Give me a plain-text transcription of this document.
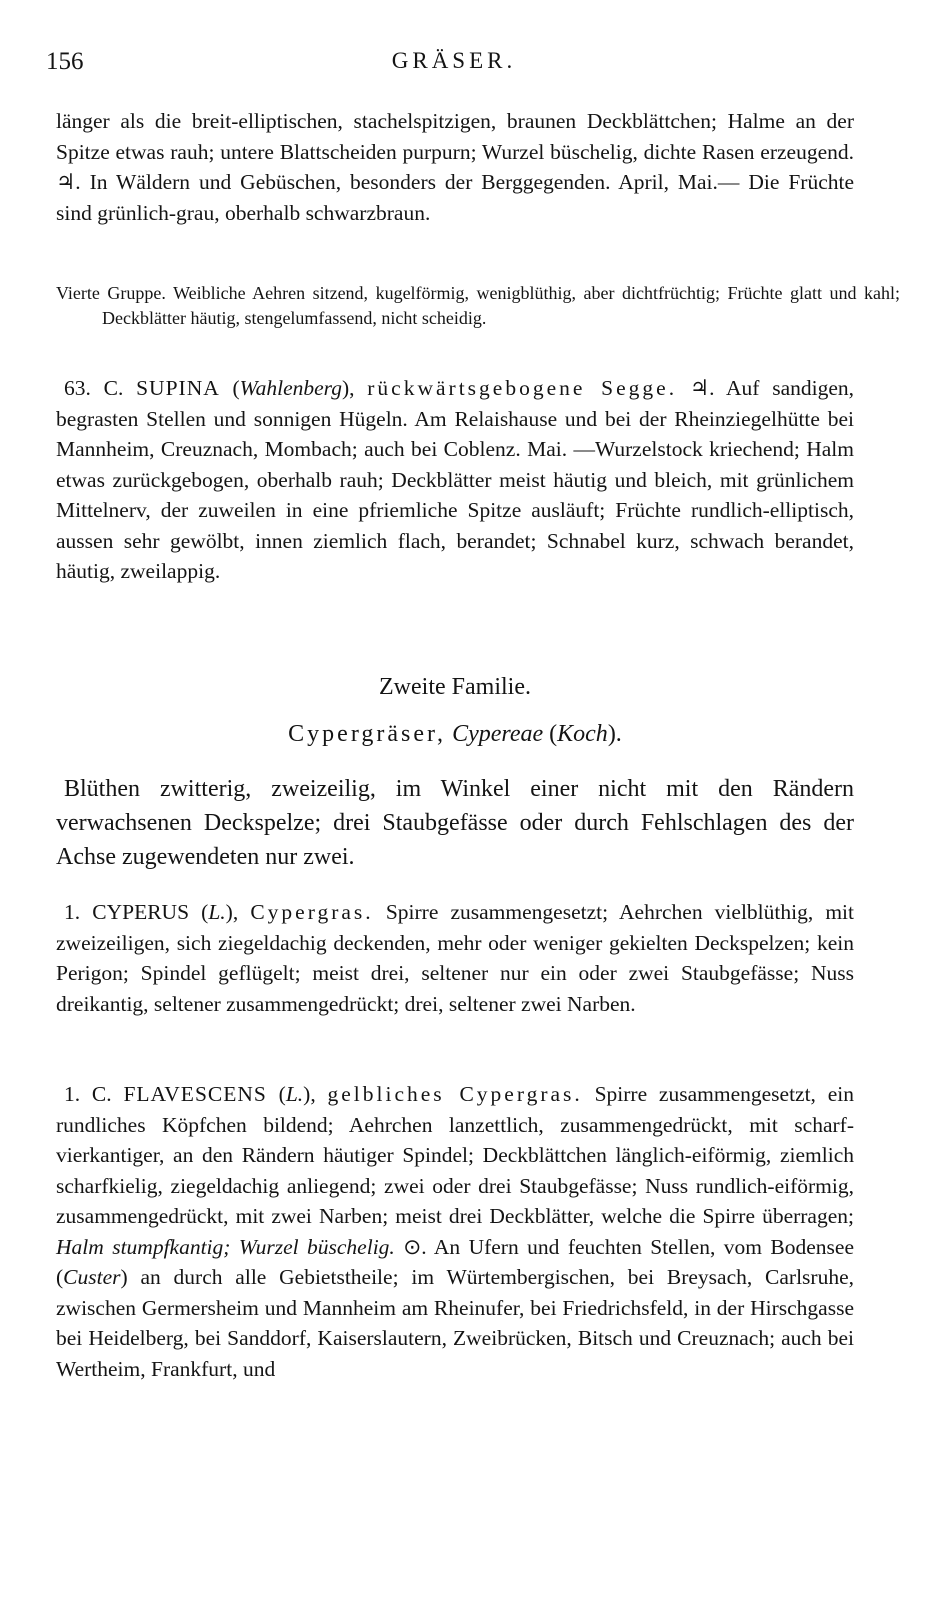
156	GRÄSER.

länger als die breit-elliptischen, stachelspitzigen, braunen Deckblättchen; Halme an der Spitze etwas rauh; untere Blattscheiden purpurn; Wurzel büschelig, dichte Rasen erzeugend. ♃. In Wäldern und Gebüschen, besonders der Berggegenden. April, Mai.— Die Früchte sind grünlich-grau, oberhalb schwarzbraun.

Vierte Gruppe. Weibliche Aehren sitzend, kugelförmig, wenigblüthig, aber dichtfrüchtig; Früchte glatt und kahl; Deckblätter häutig, stengelumfassend, nicht scheidig.

63. C. SUPINA (Wahlenberg), rückwärtsgebogene Segge. ♃. Auf sandigen, begrasten Stellen und sonnigen Hügeln. Am Relaishause und bei der Rheinziegelhütte bei Mannheim, Creuznach, Mombach; auch bei Coblenz. Mai. —Wurzelstock kriechend; Halm etwas zurückgebogen, oberhalb rauh; Deckblätter meist häutig und bleich, mit grünlichem Mittelnerv, der zuweilen in eine pfriemliche Spitze ausläuft; Früchte rundlich-elliptisch, aussen sehr gewölbt, innen ziemlich flach, berandet; Schnabel kurz, schwach berandet, häutig, zweilappig.

Zweite Familie.
Cypergräser, Cypereae (Koch).

Blüthen zwitterig, zweizeilig, im Winkel einer nicht mit den Rändern verwachsenen Deckspelze; drei Staubgefässe oder durch Fehlschlagen des der Achse zugewendeten nur zwei.

1. CYPERUS (L.), Cypergras. Spirre zusammengesetzt; Aehrchen vielblüthig, mit zweizeiligen, sich ziegeldachig deckenden, mehr oder weniger gekielten Deckspelzen; kein Perigon; Spindel geflügelt; meist drei, seltener nur ein oder zwei Staubgefässe; Nuss dreikantig, seltener zusammengedrückt; drei, seltener zwei Narben.

1. C. FLAVESCENS (L.), gelbliches Cypergras. Spirre zusammengesetzt, ein rundliches Köpfchen bildend; Aehrchen lanzettlich, zusammengedrückt, mit scharf-vierkantiger, an den Rändern häutiger Spindel; Deckblättchen länglich-eiförmig, ziemlich scharfkielig, ziegeldachig anliegend; zwei oder drei Staubgefässe; Nuss rundlich-eiförmig, zusammengedrückt, mit zwei Narben; meist drei Deckblätter, welche die Spirre überragen; Halm stumpfkantig; Wurzel büschelig. ⊙. An Ufern und feuchten Stellen, vom Bodensee (Custer) an durch alle Gebietstheile; im Würtembergischen, bei Breysach, Carlsruhe, zwischen Germersheim und Mannheim am Rheinufer, bei Friedrichsfeld, in der Hirschgasse bei Heidelberg, bei Sanddorf, Kaiserslautern, Zweibrücken, Bitsch und Creuznach; auch bei Wertheim, Frankfurt, und
